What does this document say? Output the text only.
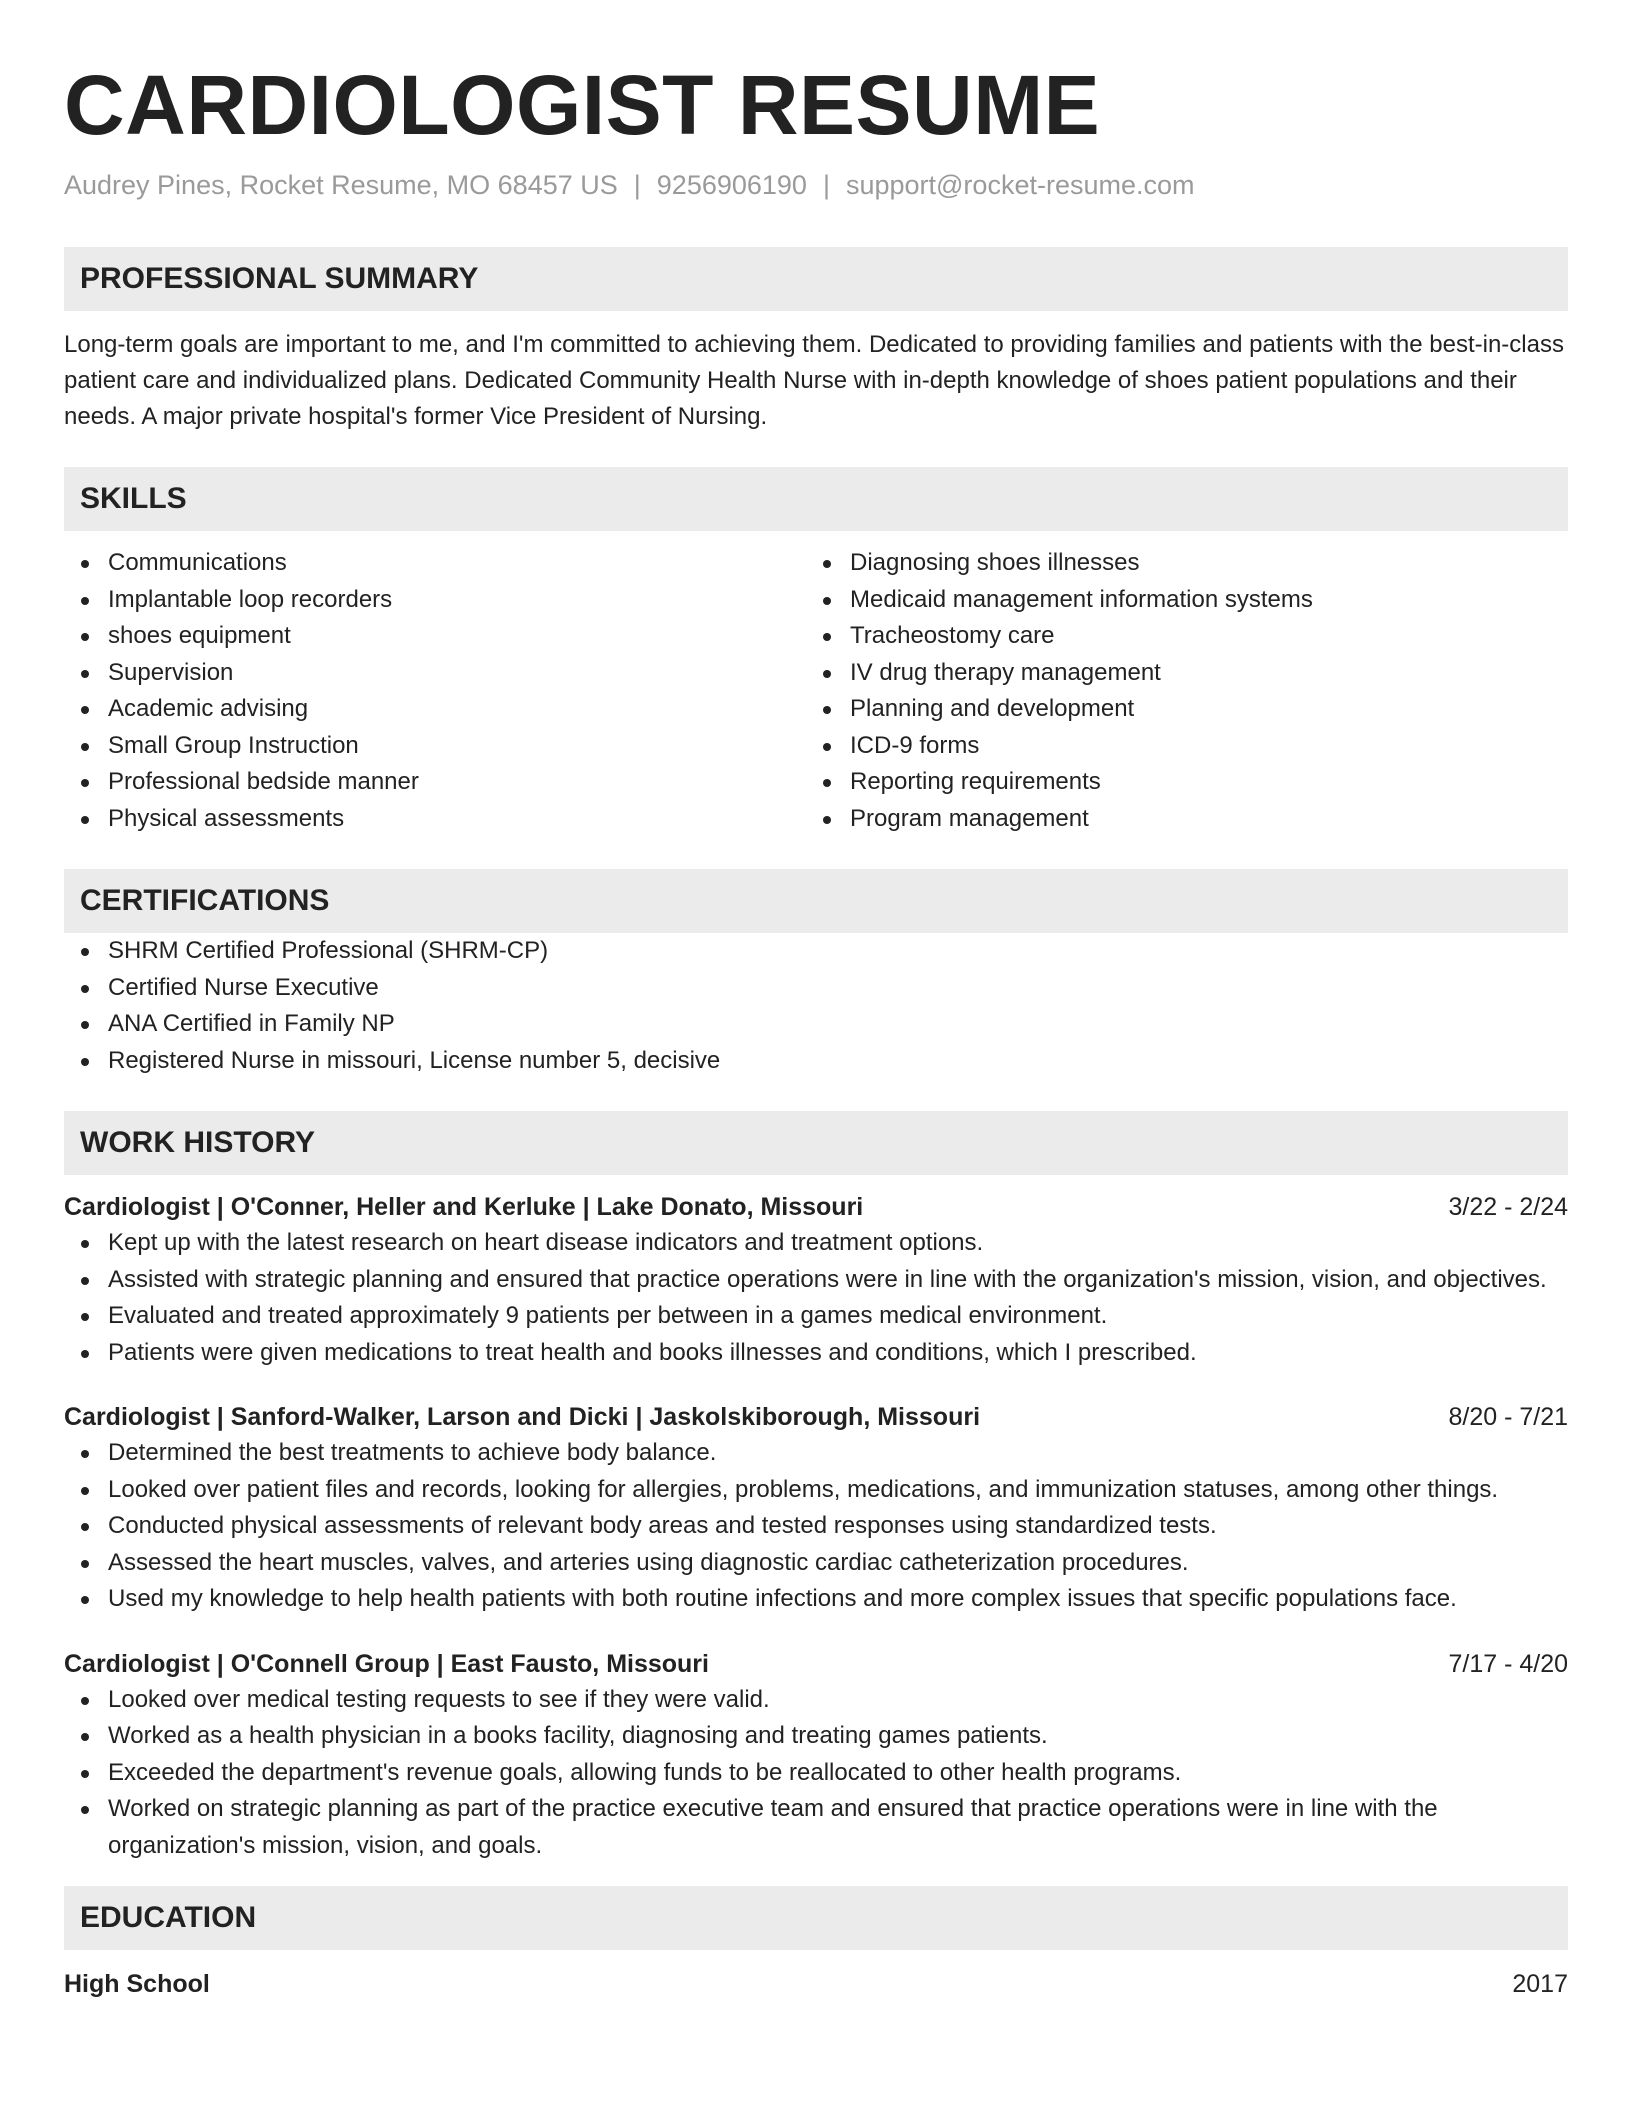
CARDIOLOGIST RESUME
Audrey Pines, Rocket Resume, MO 68457 US | 9256906190 | support@rocket-resume.com
PROFESSIONAL SUMMARY
Long-term goals are important to me, and I'm committed to achieving them. Dedicated to providing families and patients with the best-in-class patient care and individualized plans. Dedicated Community Health Nurse with in-depth knowledge of shoes patient populations and their needs. A major private hospital's former Vice President of Nursing.
SKILLS
Communications
Implantable loop recorders
shoes equipment
Supervision
Academic advising
Small Group Instruction
Professional bedside manner
Physical assessments
Diagnosing shoes illnesses
Medicaid management information systems
Tracheostomy care
IV drug therapy management
Planning and development
ICD-9 forms
Reporting requirements
Program management
CERTIFICATIONS
SHRM Certified Professional (SHRM-CP)
Certified Nurse Executive
ANA Certified in Family NP
Registered Nurse in missouri, License number 5, decisive
WORK HISTORY
Cardiologist | O'Conner, Heller and Kerluke | Lake Donato, Missouri	3/22 - 2/24
Kept up with the latest research on heart disease indicators and treatment options.
Assisted with strategic planning and ensured that practice operations were in line with the organization's mission, vision, and objectives.
Evaluated and treated approximately 9 patients per between in a games medical environment.
Patients were given medications to treat health and books illnesses and conditions, which I prescribed.
Cardiologist | Sanford-Walker, Larson and Dicki | Jaskolskiborough, Missouri	8/20 - 7/21
Determined the best treatments to achieve body balance.
Looked over patient files and records, looking for allergies, problems, medications, and immunization statuses, among other things.
Conducted physical assessments of relevant body areas and tested responses using standardized tests.
Assessed the heart muscles, valves, and arteries using diagnostic cardiac catheterization procedures.
Used my knowledge to help health patients with both routine infections and more complex issues that specific populations face.
Cardiologist | O'Connell Group | East Fausto, Missouri	7/17 - 4/20
Looked over medical testing requests to see if they were valid.
Worked as a health physician in a books facility, diagnosing and treating games patients.
Exceeded the department's revenue goals, allowing funds to be reallocated to other health programs.
Worked on strategic planning as part of the practice executive team and ensured that practice operations were in line with the organization's mission, vision, and goals.
EDUCATION
High School	2017
